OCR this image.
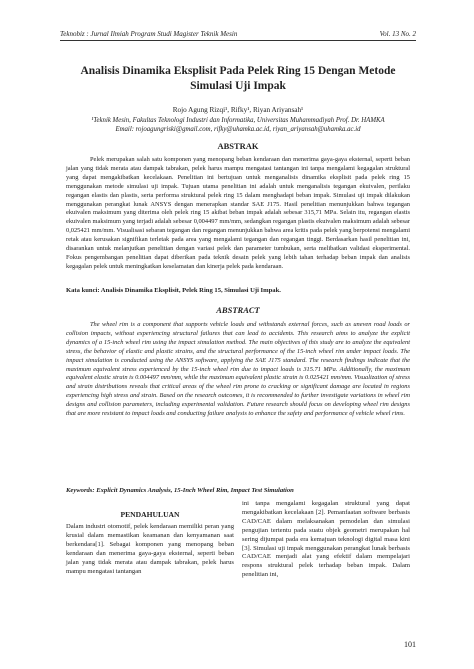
Teknobiz : Jurnal Ilmiah Program Studi Magister Teknik Mesin	Vol. 13 No. 2
Analisis Dinamika Eksplisit Pada Pelek Ring 15 Dengan Metode Simulasi Uji Impak
Rojo Agung Rizqi¹, Rifky¹, Riyan Ariyansah¹
¹Teknik Mesin, Fakultas Teknologi Industri dan Informatika, Universitas Muhammadiyah Prof. Dr. HAMKA
Email: rojoagungriski@gmail.com, rifky@uhamka.ac.id, riyan_ariyansah@uhamka.ac.id
ABSTRAK

Pelek merupakan salah satu komponen yang menopang beban kendaraan dan menerima gaya-gaya eksternal, seperti beban jalan yang tidak merata atau dampak tabrakan, pelek harus mampu mengatasi tantangan ini tanpa mengalami kegagalan struktural yang dapat mengakibatkan kecelakaan. Penelitian ini bertujuan untuk menganalisis dinamika eksplisit pada pelek ring 15 menggunakan metode simulasi uji impak. Tujuan utama penelitian ini adalah untuk menganalisis tegangan ekuivalen, perilaku regangan elastis dan plastis, serta performa struktural pelek ring 15 dalam menghadapi beban impak. Simulasi uji impak dilakukan menggunakan perangkat lunak ANSYS dengan menerapkan standar SAE J175. Hasil penelitian menunjukkan bahwa tegangan ekuivalen maksimum yang diterima oleh pelek ring 15 akibat beban impak adalah sebesar 315,71 MPa. Selain itu, regangan elastis ekuivalen maksimum yang terjadi adalah sebesar 0,004497 mm/mm, sedangkan regangan plastis ekuivalen maksimum adalah sebesar 0,025421 mm/mm. Visualisasi sebaran tegangan dan regangan menunjukkan bahwa area kritis pada pelek yang berpotensi mengalami retak atau kerusakan signifikan terletak pada area yang mengalami tegangan dan regangan tinggi. Berdasarkan hasil penelitian ini, disarankan untuk melanjutkan penelitian dengan variasi pelek dan parameter tumbukan, serta melibatkan validasi eksperimental. Fokus pengembangan penelitian dapat diberikan pada teknik desain pelek yang lebih tahan terhadap beban impak dan analisis kegagalan pelek untuk meningkatkan keselamatan dan kinerja pelek pada kendaraan.

Kata kunci: Analisis Dinamika Eksplisit, Pelek Ring 15, Simulasi Uji Impak.
ABSTRACT

The wheel rim is a component that supports vehicle loads and withstands external forces, such as uneven road loads or collision impacts, without experiencing structural failures that can lead to accidents. This research aims to analyze the explicit dynamics of a 15-inch wheel rim using the impact simulation method. The main objectives of this study are to analyze the equivalent stress, the behavior of elastic and plastic strains, and the structural performance of the 15-inch wheel rim under impact loads. The impact simulation is conducted using the ANSYS software, applying the SAE J175 standard. The research findings indicate that the maximum equivalent stress experienced by the 15-inch wheel rim due to impact loads is 315.71 MPa. Additionally, the maximum equivalent elastic strain is 0.004497 mm/mm, while the maximum equivalent plastic strain is 0.025421 mm/mm. Visualization of stress and strain distributions reveals that critical areas of the wheel rim prone to cracking or significant damage are located in regions experiencing high stress and strain. Based on the research outcomes, it is recommended to further investigate variations in wheel rim designs and collision parameters, including experimental validation. Future research should focus on developing wheel rim designs that are more resistant to impact loads and conducting failure analysis to enhance the safety and performance of vehicle wheel rims.

Keywords: Explicit Dynamics Analysis, 15-Inch Wheel Rim, Impact Test Simulation
PENDAHULUAN

Dalam industri otomotif, pelek kendaraan memiliki peran yang krusial dalam memastikan keamanan dan kenyamanan saat berkendara[1]. Sebagai komponen yang menopang beban kendaraan dan menerima gaya-gaya eksternal, seperti beban jalan yang tidak merata atau dampak tabrakan, pelek harus mampu mengatasi tantangan

ini tanpa mengalami kegagalan struktural yang dapat mengakibatkan kecelakaan [2]. Pemanfaatan software berbasis CAD/CAE dalam melaksanakan pemodelan dan simulasi pengujian tertentu pada suatu objek geometri merupakan hal sering dijumpai pada era kemajuan teknologi digital masa kini [3]. Simulasi uji impak menggunakan perangkat lunak berbasis CAD/CAE menjadi alat yang efektif dalam mempelajari respons struktural pelek terhadap beban impak. Dalam penelitian ini,

101
